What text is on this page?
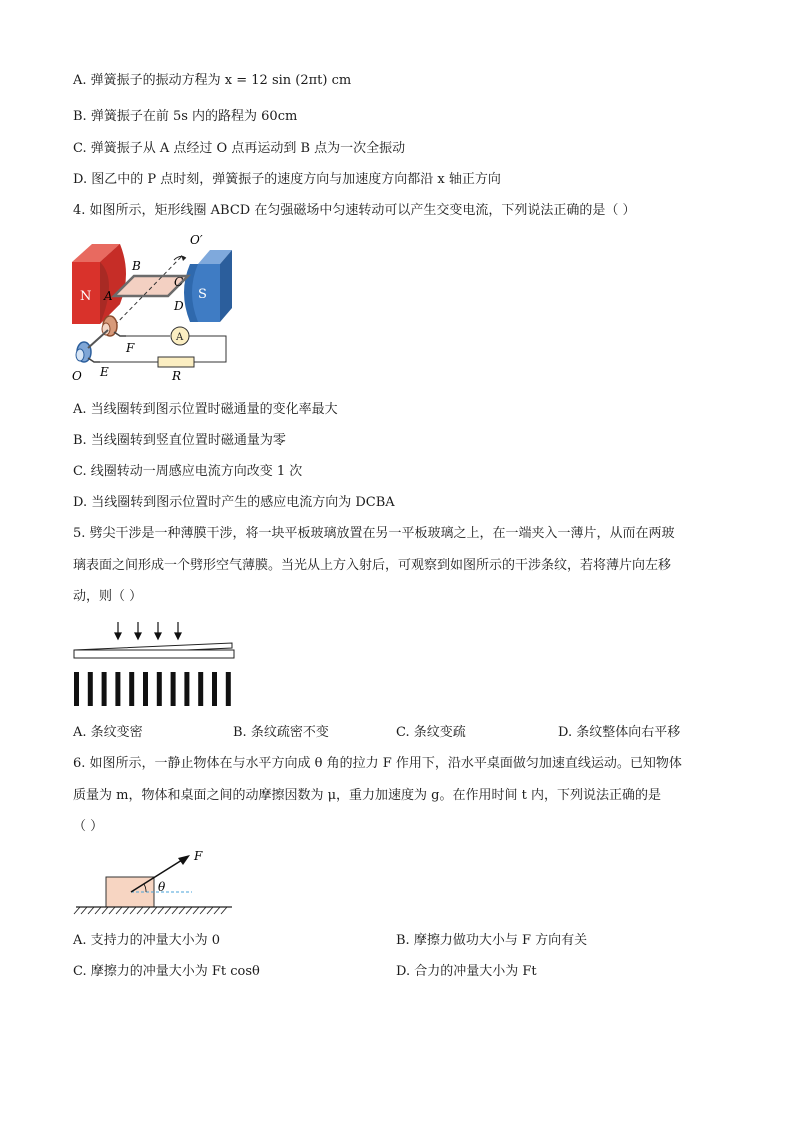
A. 弹簧振子的振动方程为 x = 12 sin (2πt) cm
B. 弹簧振子在前 5s 内的路程为 60cm
C. 弹簧振子从 A 点经过 O 点再运动到 B 点为一次全振动
D. 图乙中的 P 点时刻，弹簧振子的速度方向与加速度方向都沿 x 轴正方向
4. 如图所示，矩形线圈 ABCD 在匀强磁场中匀速转动可以产生交变电流，下列说法正确的是（ ）
N	S
A
B
A
C
D
O′
O
F
E	R
A. 当线圈转到图示位置时磁通量的变化率最大
B. 当线圈转到竖直位置时磁通量为零
C. 线圈转动一周感应电流方向改变 1 次
D. 当线圈转到图示位置时产生的感应电流方向为 DCBA
5. 劈尖干涉是一种薄膜干涉，将一块平板玻璃放置在另一平板玻璃之上，在一端夹入一薄片，从而在两玻
璃表面之间形成一个劈形空气薄膜。当光从上方入射后，可观察到如图所示的干涉条纹，若将薄片向左移
动，则（ ）
A. 条纹变密	B. 条纹疏密不变	C. 条纹变疏	D. 条纹整体向右平移
6. 如图所示，一静止物体在与水平方向成 θ 角的拉力 F 作用下，沿水平桌面做匀加速直线运动。已知物体
质量为 m，物体和桌面之间的动摩擦因数为 μ，重力加速度为 g。在作用时间 t 内，下列说法正确的是
（ ）
θ
F
A. 支持力的冲量大小为 0	B. 摩擦力做功大小与 F 方向有关
C. 摩擦力的冲量大小为 Ft cosθ	D. 合力的冲量大小为 Ft
